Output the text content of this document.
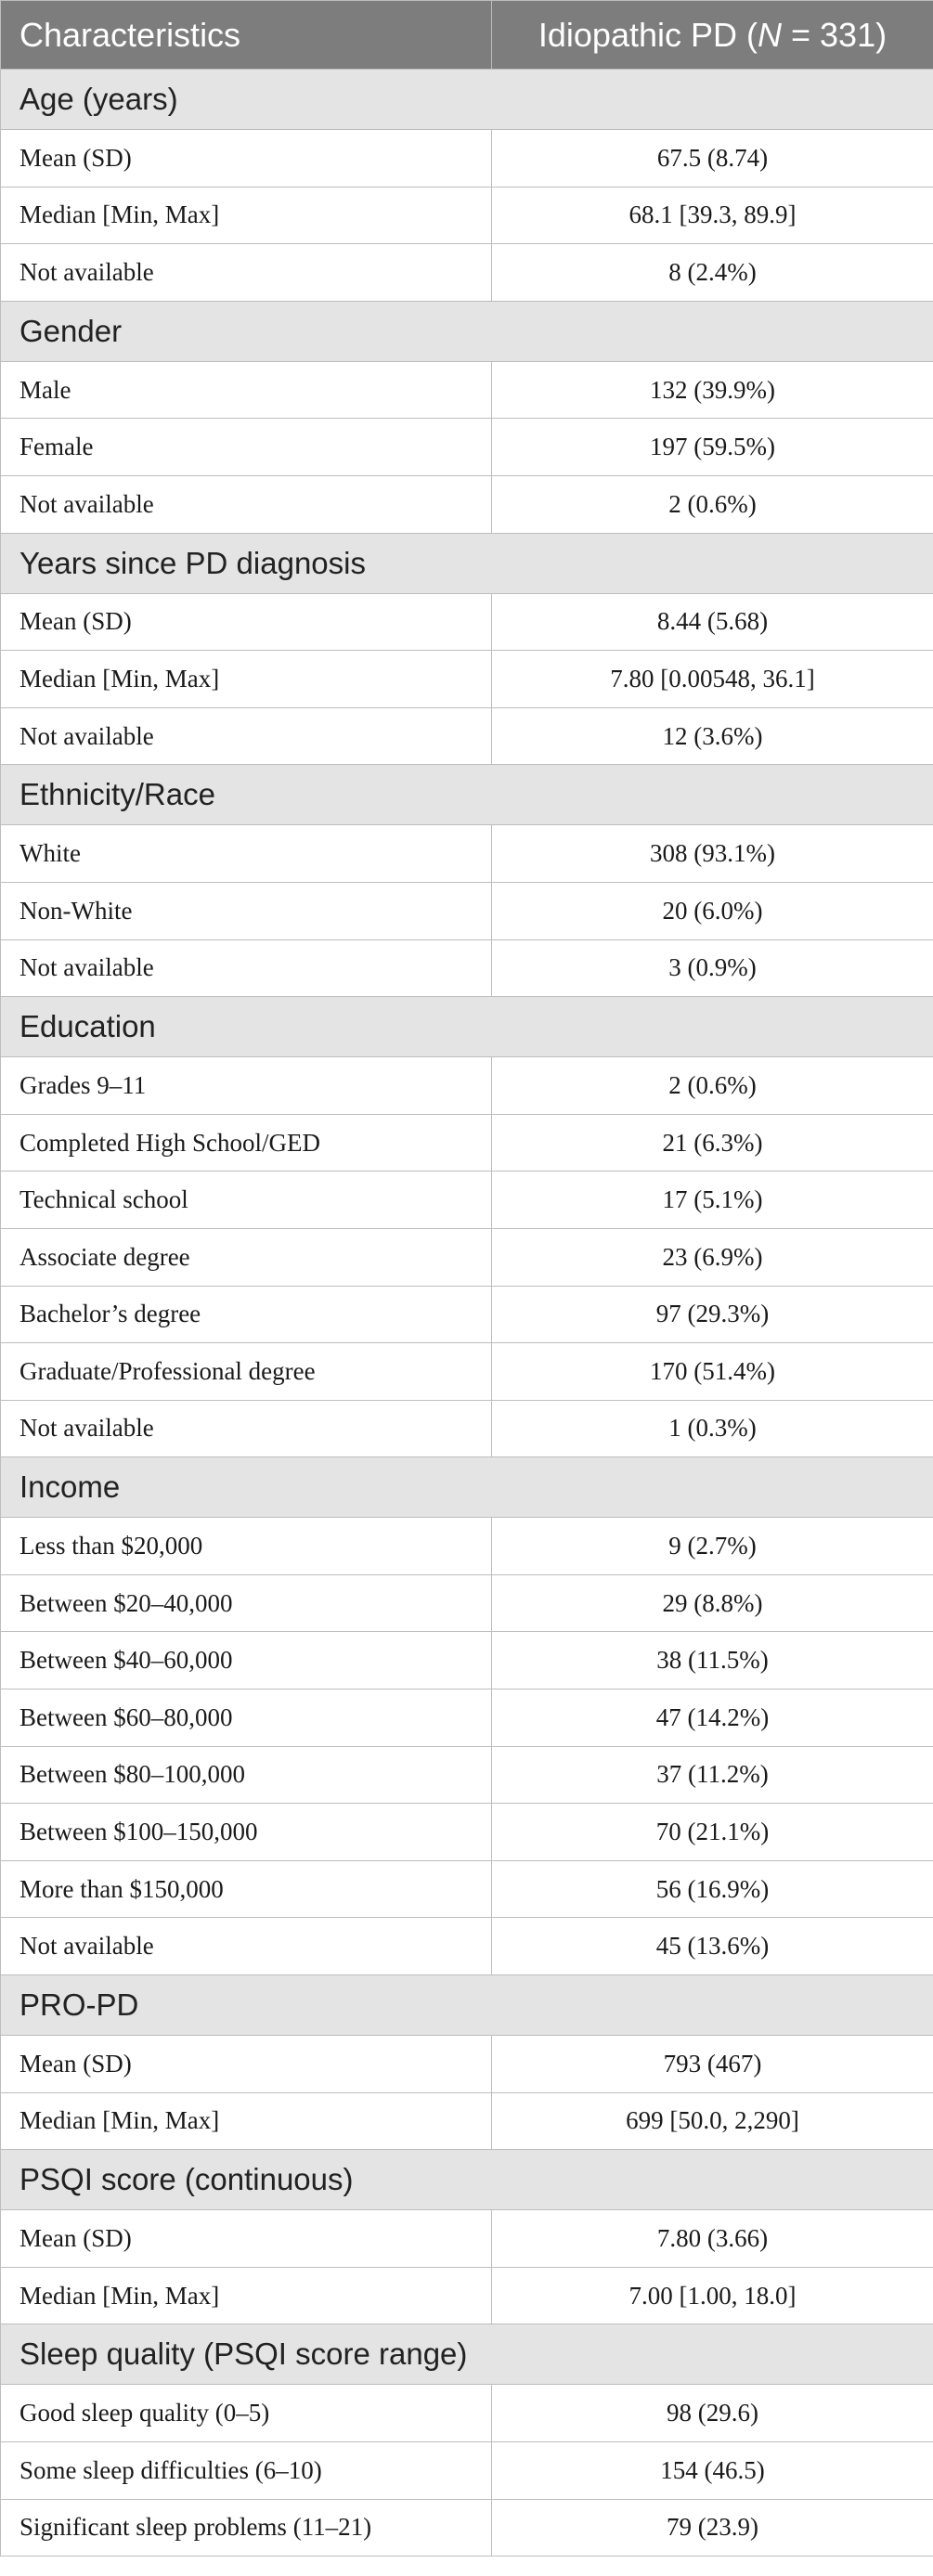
Characteristics	Idiopathic PD (N = 331)
Age (years)	
Mean (SD)	67.5 (8.74)
Median [Min, Max]	68.1 [39.3, 89.9]
Not available	8 (2.4%)
Gender	
Male	132 (39.9%)
Female	197 (59.5%)
Not available	2 (0.6%)
Years since PD diagnosis	
Mean (SD)	8.44 (5.68)
Median [Min, Max]	7.80 [0.00548, 36.1]
Not available	12 (3.6%)
Ethnicity/Race	
White	308 (93.1%)
Non-White	20 (6.0%)
Not available	3 (0.9%)
Education	
Grades 9–11	2 (0.6%)
Completed High School/GED	21 (6.3%)
Technical school	17 (5.1%)
Associate degree	23 (6.9%)
Bachelor’s degree	97 (29.3%)
Graduate/Professional degree	170 (51.4%)
Not available	1 (0.3%)
Income	
Less than $20,000	9 (2.7%)
Between $20–40,000	29 (8.8%)
Between $40–60,000	38 (11.5%)
Between $60–80,000	47 (14.2%)
Between $80–100,000	37 (11.2%)
Between $100–150,000	70 (21.1%)
More than $150,000	56 (16.9%)
Not available	45 (13.6%)
PRO-PD	
Mean (SD)	793 (467)
Median [Min, Max]	699 [50.0, 2,290]
PSQI score (continuous)	
Mean (SD)	7.80 (3.66)
Median [Min, Max]	7.00 [1.00, 18.0]
Sleep quality (PSQI score range)	
Good sleep quality (0–5)	98 (29.6)
Some sleep difficulties (6–10)	154 (46.5)
Significant sleep problems (11–21)	79 (23.9)
